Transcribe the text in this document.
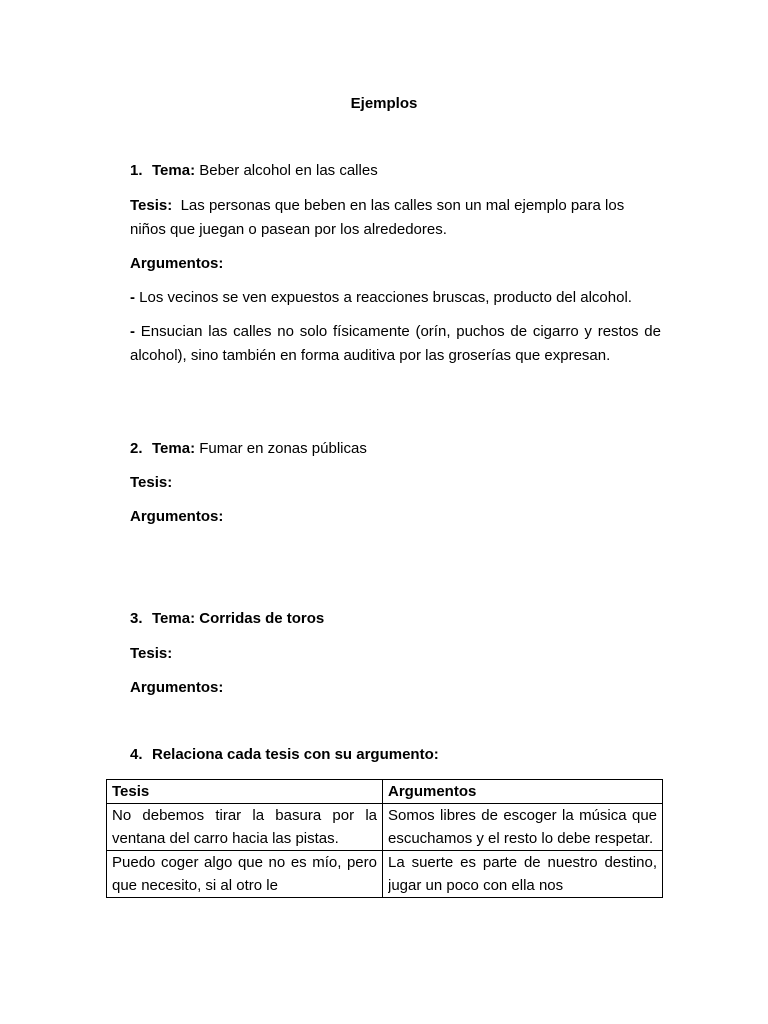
Ejemplos
1. Tema: Beber alcohol en las calles
Tesis: Las personas que beben en las calles son un mal ejemplo para los niños que juegan o pasean por los alrededores.
Argumentos:
- Los vecinos se ven expuestos a reacciones bruscas, producto del alcohol.
- Ensucian las calles no solo físicamente (orín, puchos de cigarro y restos de alcohol), sino también en forma auditiva por las groserías que expresan.
2. Tema: Fumar en zonas públicas
Tesis:
Argumentos:
3. Tema: Corridas de toros
Tesis:
Argumentos:
4. Relaciona cada tesis con su argumento:
Tesis	Argumentos
No debemos tirar la basura por la ventana del carro hacia las pistas.	Somos libres de escoger la música que escuchamos y el resto lo debe respetar.

Puedo coger algo que no es mío, pero que necesito, si al otro le	La suerte es parte de nuestro destino, jugar un poco con ella nos
